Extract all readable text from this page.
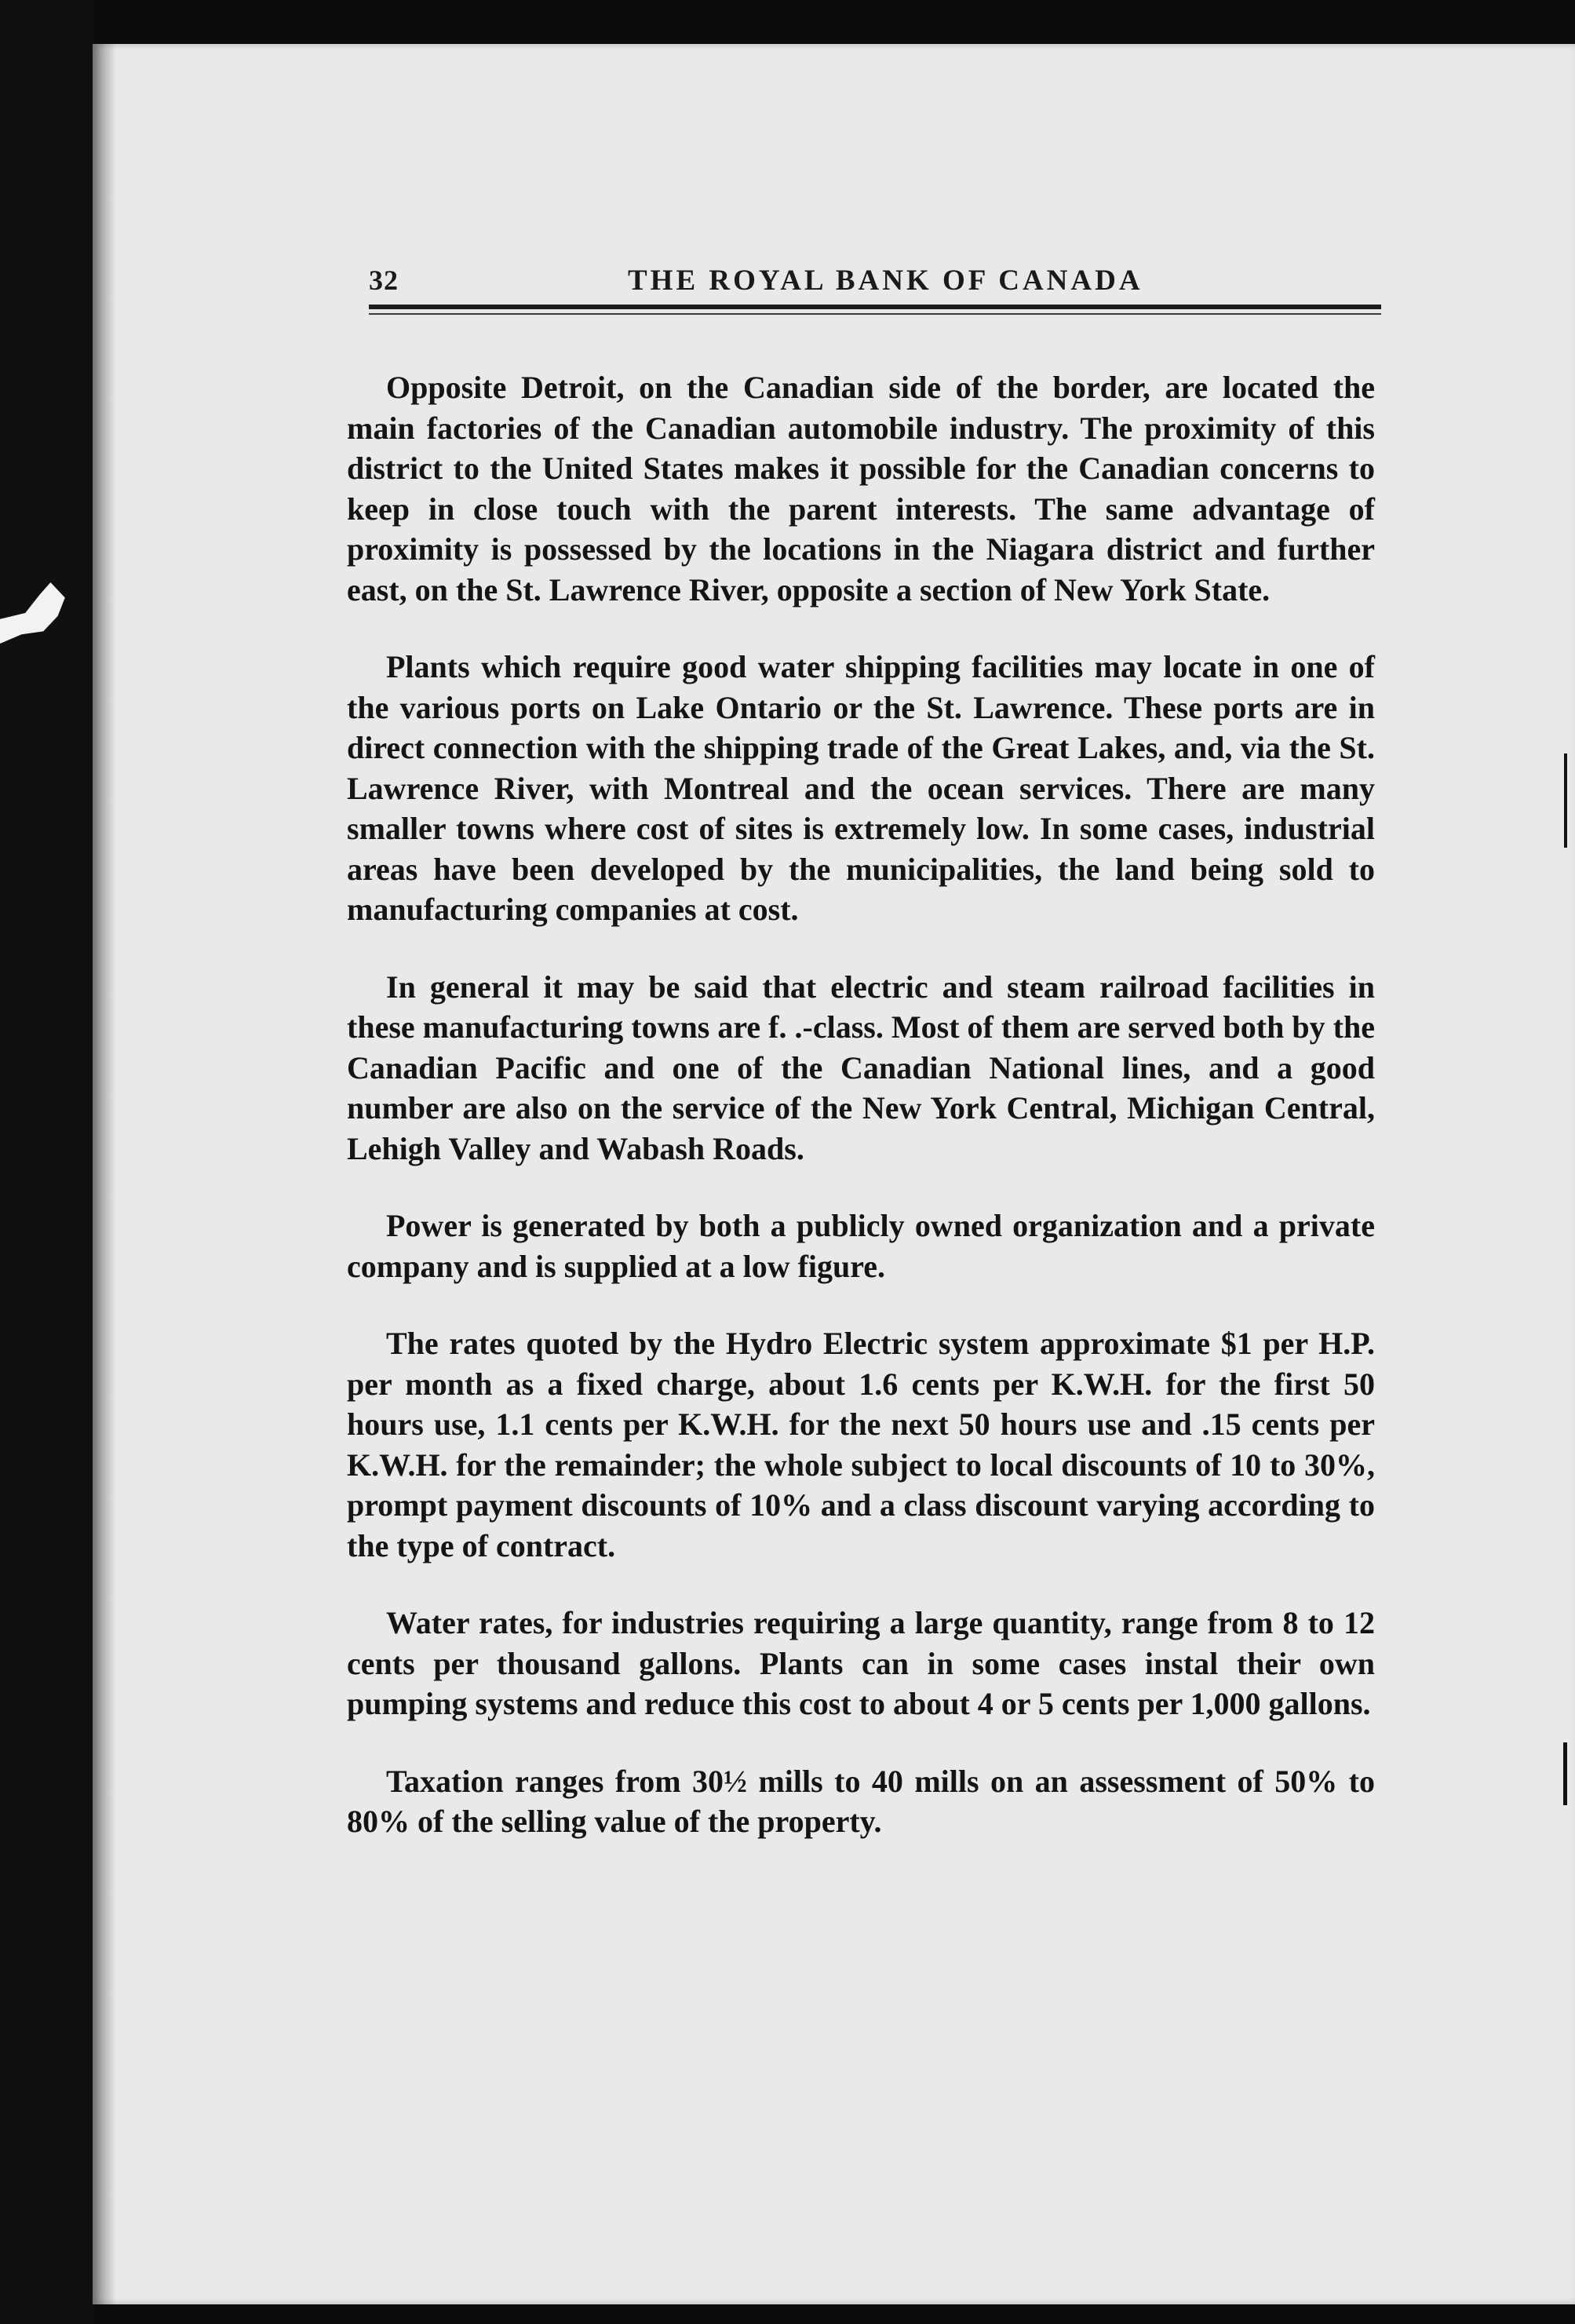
32	THE ROYAL BANK OF CANADA

Opposite Detroit, on the Canadian side of the border, are located the main factories of the Canadian automobile industry. The proximity of this district to the United States makes it possible for the Canadian concerns to keep in close touch with the parent interests. The same advantage of proximity is possessed by the locations in the Niagara district and further east, on the St. Lawrence River, opposite a section of New York State.

Plants which require good water shipping facilities may locate in one of the various ports on Lake Ontario or the St. Lawrence. These ports are in direct connection with the shipping trade of the Great Lakes, and, via the St. Lawrence River, with Montreal and the ocean services. There are many smaller towns where cost of sites is extremely low. In some cases, industrial areas have been developed by the municipalities, the land being sold to manufacturing companies at cost.

In general it may be said that electric and steam railroad facilities in these manufacturing towns are f. .-class. Most of them are served both by the Canadian Pacific and one of the Canadian National lines, and a good number are also on the service of the New York Central, Michigan Central, Lehigh Valley and Wabash Roads.

Power is generated by both a publicly owned organization and a private company and is supplied at a low figure.

The rates quoted by the Hydro Electric system approximate $1 per H.P. per month as a fixed charge, about 1.6 cents per K.W.H. for the first 50 hours use, 1.1 cents per K.W.H. for the next 50 hours use and .15 cents per K.W.H. for the remainder; the whole subject to local discounts of 10 to 30%, prompt payment discounts of 10% and a class discount varying according to the type of contract.

Water rates, for industries requiring a large quantity, range from 8 to 12 cents per thousand gallons. Plants can in some cases instal their own pumping systems and reduce this cost to about 4 or 5 cents per 1,000 gallons.

Taxation ranges from 30½ mills to 40 mills on an assessment of 50% to 80% of the selling value of the property.
